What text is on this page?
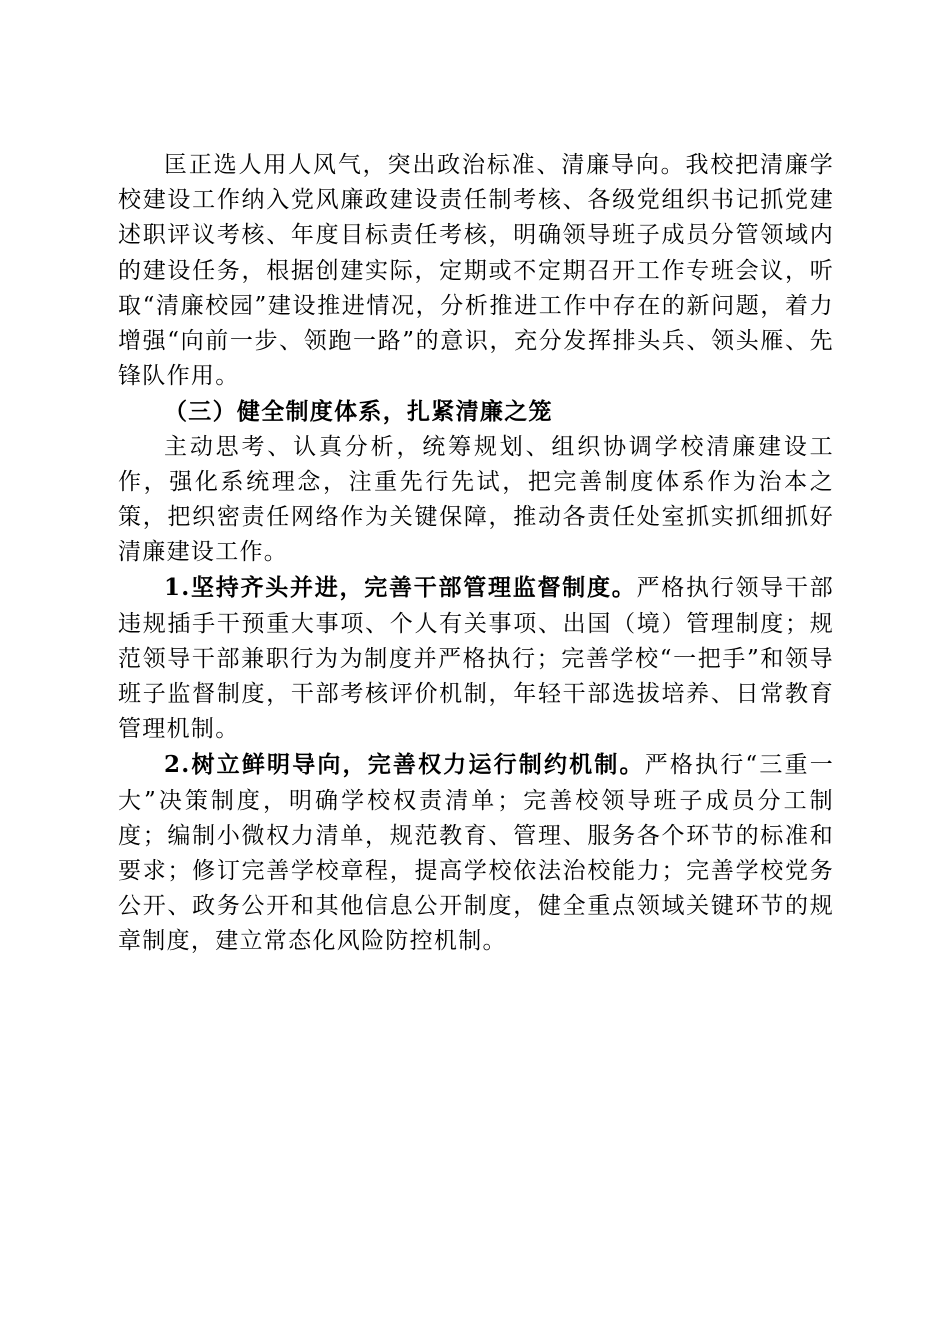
匡正选人用人风气，突出政治标准、清廉导向。我校把清廉学校建设工作纳入党风廉政建设责任制考核、各级党组织书记抓党建述职评议考核、年度目标责任考核，明确领导班子成员分管领域内的建设任务，根据创建实际，定期或不定期召开工作专班会议，听取“清廉校园”建设推进情况，分析推进工作中存在的新问题，着力增强“向前一步、领跑一路”的意识，充分发挥排头兵、领头雁、先锋队作用。

（三）健全制度体系，扎紧清廉之笼

主动思考、认真分析，统筹规划、组织协调学校清廉建设工作，强化系统理念，注重先行先试，把完善制度体系作为治本之策，把织密责任网络作为关键保障，推动各责任处室抓实抓细抓好清廉建设工作。

1.坚持齐头并进，完善干部管理监督制度。严格执行领导干部违规插手干预重大事项、个人有关事项、出国（境）管理制度；规范领导干部兼职行为为制度并严格执行；完善学校“一把手”和领导班子监督制度，干部考核评价机制，年轻干部选拔培养、日常教育管理机制。

2.树立鲜明导向，完善权力运行制约机制。严格执行“三重一大”决策制度，明确学校权责清单；完善校领导班子成员分工制度；编制小微权力清单，规范教育、管理、服务各个环节的标准和要求；修订完善学校章程，提高学校依法治校能力；完善学校党务公开、政务公开和其他信息公开制度，健全重点领域关键环节的规章制度，建立常态化风险防控机制。
